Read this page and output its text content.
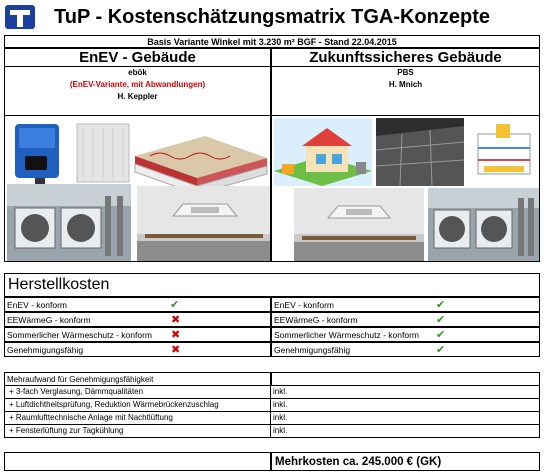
TuP - Kostenschätzungsmatrix TGA-Konzepte
Basis Variante Winkel mit 3.230 m² BGF - Stand 22.04.2015
EnEV - Gebäude	Zukunftssicheres Gebäude
ebök
(EnEV-Variante, mit Abwandlungen)
H. Keppler
PBS
H. Mnich
Herstellkosten
EnEV - konform	✔
EEWärmeG - konform	✖
Sommerlicher Wärmeschutz - konform ✖
Genehmigungsfähig	✖
EnEV - konform	✔
EEWärmeG - konform	✔
Sommerlicher Wärmeschutz - konform ✔
Genehmigungsfähig	✔
Mehraufwand für Genehmigungsfähigkeit
+ 3-fach Verglasung, Dämmqualitäten	inkl.
+ Luftdichtheitsprüfung, Reduktion Wärmebrückenzuschlag	inkl.
+ Raumlufttechnische Anlage mit Nachtlüftung	inkl.
+ Fensterlüftung zur Tagkühlung	inkl.
Mehrkosten ca. 245.000 € (GK)
